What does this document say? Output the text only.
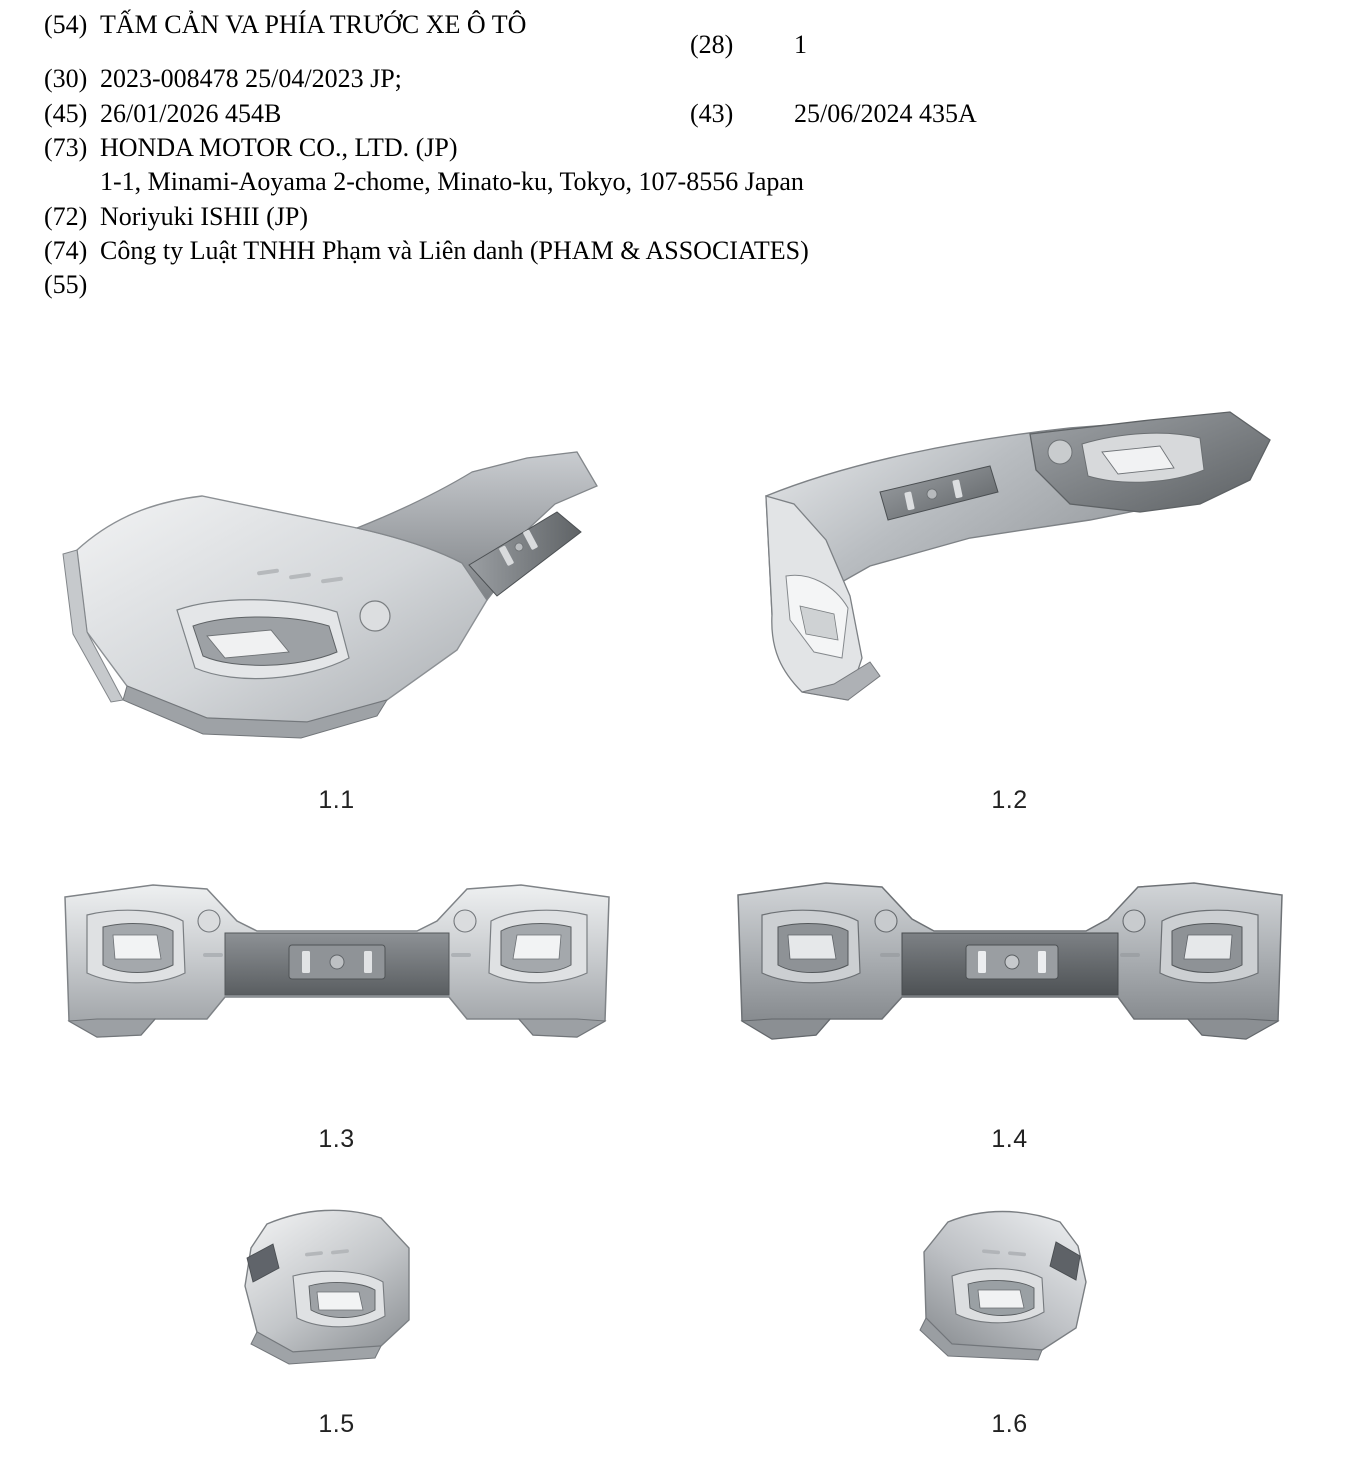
(54) TẤM CẢN VA PHÍA TRƯỚC XE Ô TÔ
(28)	1
(30) 2023-008478 25/04/2023 JP;
(45) 26/01/2026 454B	(43)	25/06/2024 435A
(73) HONDA MOTOR CO., LTD. (JP)
1-1, Minami-Aoyama 2-chome, Minato-ku, Tokyo, 107-8556 Japan
(72) Noriyuki ISHII (JP)
(74) Công ty Luật TNHH Phạm và Liên danh (PHAM & ASSOCIATES)
(55)
1.1	1.2
1.3	1.4
1.5	1.6
